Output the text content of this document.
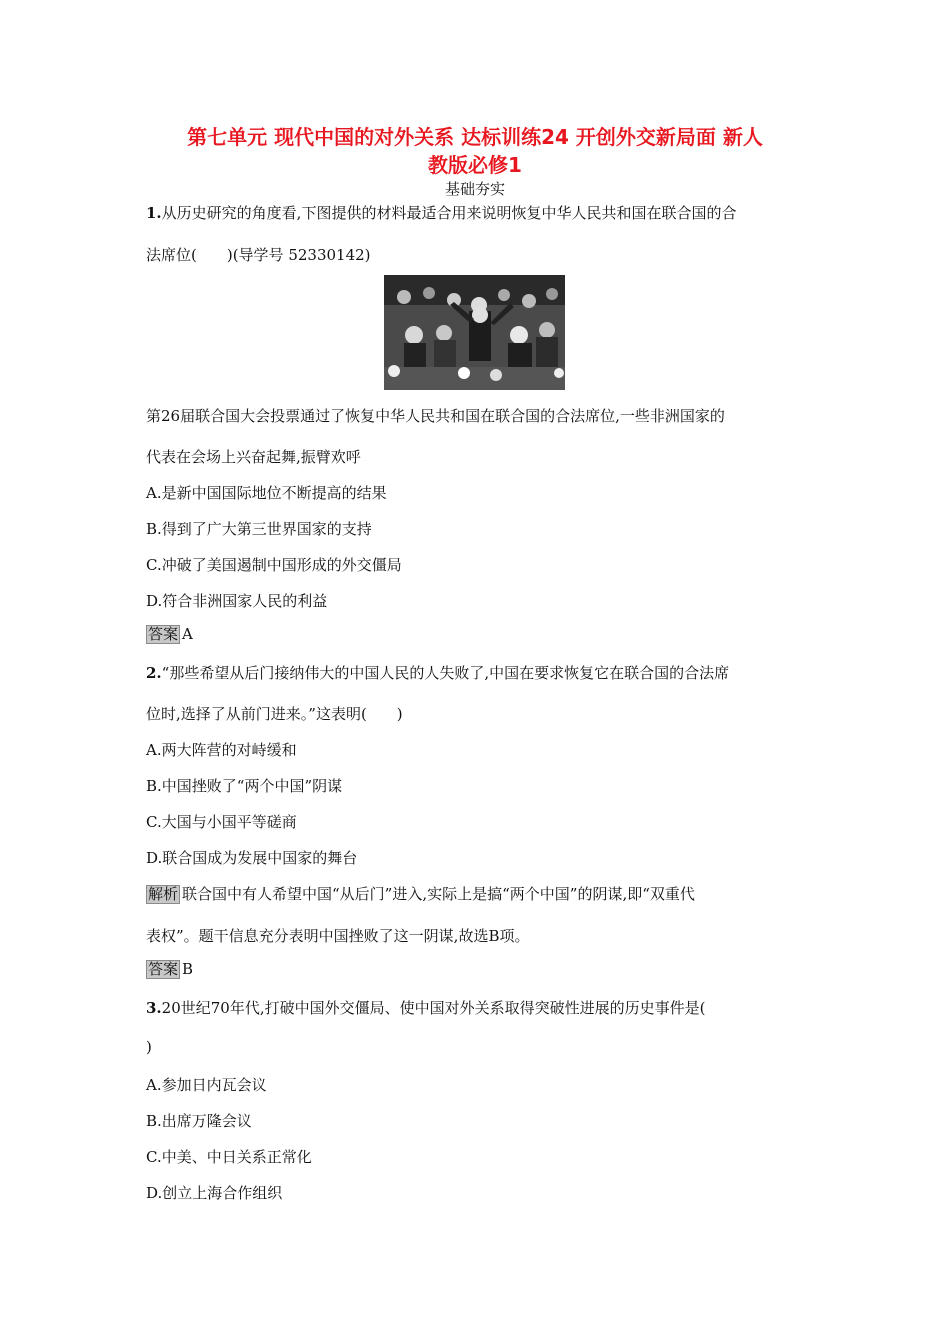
第七单元 现代中国的对外关系 达标训练24 开创外交新局面 新人
教版必修1
基础夯实
1.从历史研究的角度看,下图提供的材料最适合用来说明恢复中华人民共和国在联合国的合
法席位(　　)(导学号 52330142)
第26届联合国大会投票通过了恢复中华人民共和国在联合国的合法席位,一些非洲国家的
代表在会场上兴奋起舞,振臂欢呼
A.是新中国国际地位不断提高的结果
B.得到了广大第三世界国家的支持
C.冲破了美国遏制中国形成的外交僵局
D.符合非洲国家人民的利益
答案 A
2.“那些希望从后门接纳伟大的中国人民的人失败了,中国在要求恢复它在联合国的合法席
位时,选择了从前门进来。”这表明(　　)
A.两大阵营的对峙缓和
B.中国挫败了“两个中国”阴谋
C.大国与小国平等磋商
D.联合国成为发展中国家的舞台
解析 联合国中有人希望中国“从后门”进入,实际上是搞“两个中国”的阴谋,即“双重代
表权”。题干信息充分表明中国挫败了这一阴谋,故选B项。
答案 B
3.20世纪70年代,打破中国外交僵局、使中国对外关系取得突破性进展的历史事件是(
)
A.参加日内瓦会议
B.出席万隆会议
C.中美、中日关系正常化
D.创立上海合作组织
